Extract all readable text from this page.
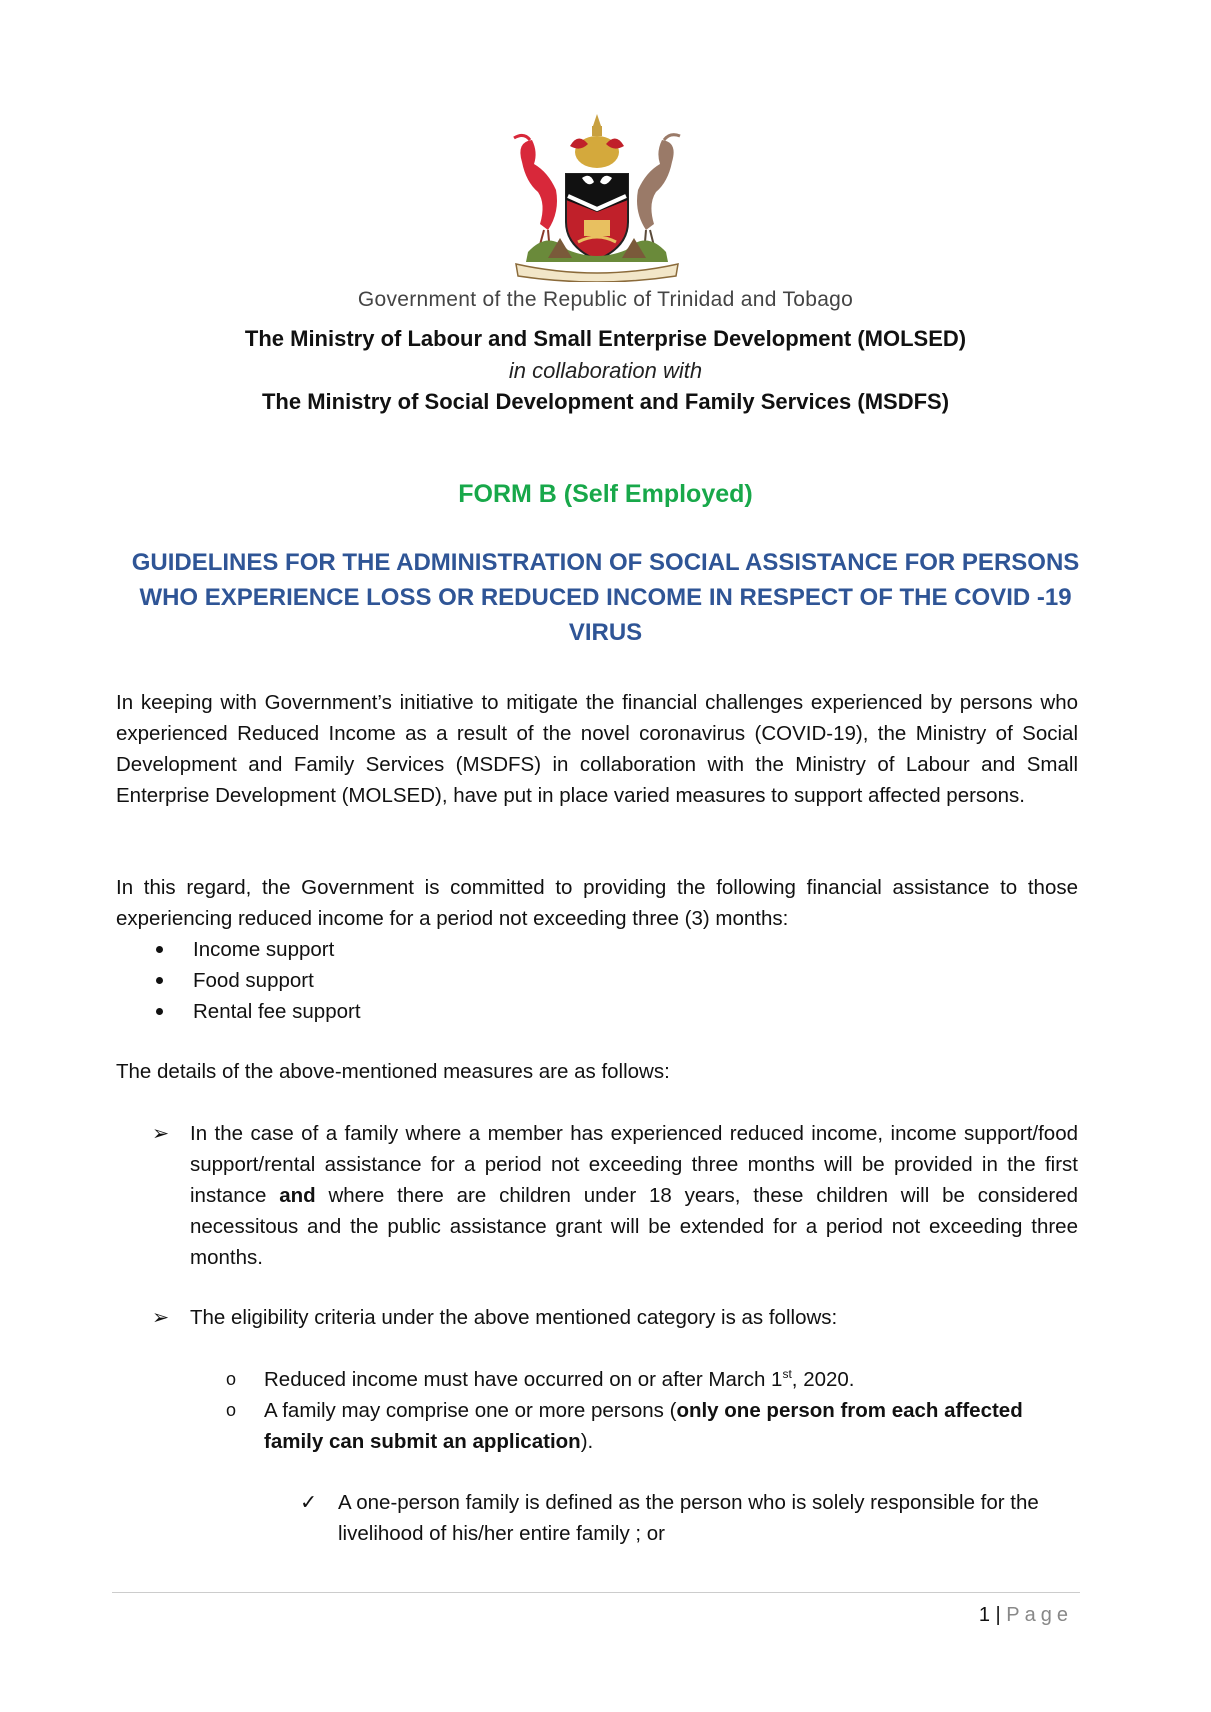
Government of the Republic of Trinidad and Tobago
The Ministry of Labour and Small Enterprise Development (MOLSED)
in collaboration with
The Ministry of Social Development and Family Services (MSDFS)
FORM B (Self Employed)
GUIDELINES FOR THE ADMINISTRATION OF SOCIAL ASSISTANCE FOR PERSONS WHO EXPERIENCE LOSS OR REDUCED INCOME IN RESPECT OF THE COVID -19 VIRUS
In keeping with Government’s initiative to mitigate the financial challenges experienced by persons who experienced Reduced Income as a result of the novel coronavirus (COVID-19), the Ministry of Social Development and Family Services (MSDFS) in collaboration with the Ministry of Labour and Small Enterprise Development (MOLSED), have put in place varied measures to support affected persons.
In this regard, the Government is committed to providing the following financial assistance to those experiencing reduced income for a period not exceeding three (3) months:
Income support
Food support
Rental fee support
The details of the above-mentioned measures are as follows:
➢	In the case of a family where a member has experienced reduced income, income support/food support/rental assistance for a period not exceeding three months will be provided in the first instance and where there are children under 18 years, these children will be considered necessitous and the public assistance grant will be extended for a period not exceeding three months.
➢	The eligibility criteria under the above mentioned category is as follows:
o	Reduced income must have occurred on or after March 1st, 2020.
o	A family may comprise one or more persons (only one person from each affected family can submit an application).
✓	A one-person family is defined as the person who is solely responsible for the livelihood of his/her entire family ; or
1 | Page
